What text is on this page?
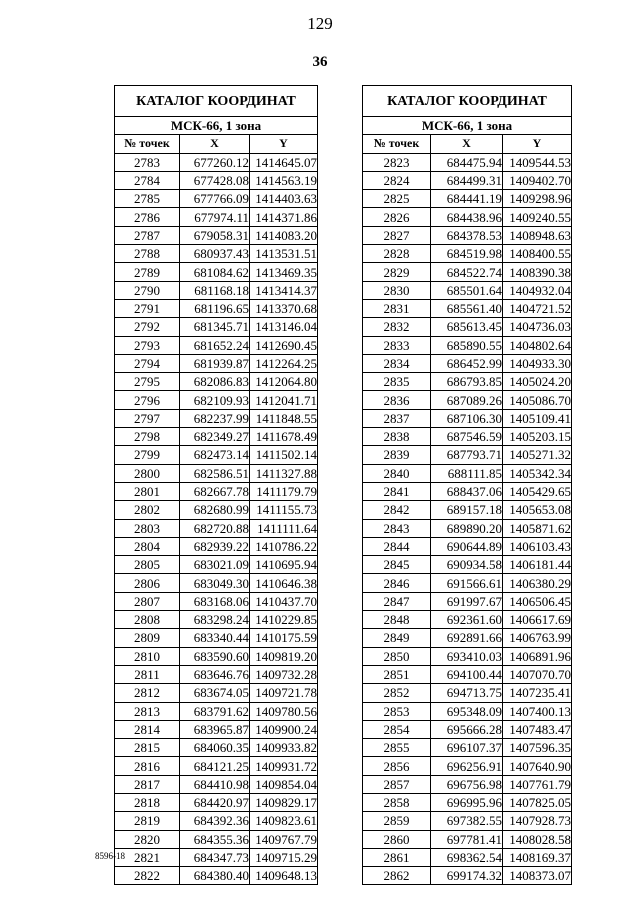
129
36
КАТАЛОГ КООРДИНАТ		
МСК-66, 1 зона		
№ точек	X	Y
2783	677260.12	1414645.07
2784	677428.08	1414563.19
2785	677766.09	1414403.63
2786	677974.11	1414371.86
2787	679058.31	1414083.20
2788	680937.43	1413531.51
2789	681084.62	1413469.35
2790	681168.18	1413414.37
2791	681196.65	1413370.68
2792	681345.71	1413146.04
2793	681652.24	1412690.45
2794	681939.87	1412264.25
2795	682086.83	1412064.80
2796	682109.93	1412041.71
2797	682237.99	1411848.55
2798	682349.27	1411678.49
2799	682473.14	1411502.14
2800	682586.51	1411327.88
2801	682667.78	1411179.79
2802	682680.99	1411155.73
2803	682720.88	1411111.64
2804	682939.22	1410786.22
2805	683021.09	1410695.94
2806	683049.30	1410646.38
2807	683168.06	1410437.70
2808	683298.24	1410229.85
2809	683340.44	1410175.59
2810	683590.60	1409819.20
2811	683646.76	1409732.28
2812	683674.05	1409721.78
2813	683791.62	1409780.56
2814	683965.87	1409900.24
2815	684060.35	1409933.82
2816	684121.25	1409931.72
2817	684410.98	1409854.04
2818	684420.97	1409829.17
2819	684392.36	1409823.61
2820	684355.36	1409767.79
2821	684347.73	1409715.29
2822	684380.40	1409648.13
КАТАЛОГ КООРДИНАТ		
МСК-66, 1 зона		
№ точек	X	Y
2823	684475.94	1409544.53
2824	684499.31	1409402.70
2825	684441.19	1409298.96
2826	684438.96	1409240.55
2827	684378.53	1408948.63
2828	684519.98	1408400.55
2829	684522.74	1408390.38
2830	685501.64	1404932.04
2831	685561.40	1404721.52
2832	685613.45	1404736.03
2833	685890.55	1404802.64
2834	686452.99	1404933.30
2835	686793.85	1405024.20
2836	687089.26	1405086.70
2837	687106.30	1405109.41
2838	687546.59	1405203.15
2839	687793.71	1405271.32
2840	688111.85	1405342.34
2841	688437.06	1405429.65
2842	689157.18	1405653.08
2843	689890.20	1405871.62
2844	690644.89	1406103.43
2845	690934.58	1406181.44
2846	691566.61	1406380.29
2847	691997.67	1406506.45
2848	692361.60	1406617.69
2849	692891.66	1406763.99
2850	693410.03	1406891.96
2851	694100.44	1407070.70
2852	694713.75	1407235.41
2853	695348.09	1407400.13
2854	695666.28	1407483.47
2855	696107.37	1407596.35
2856	696256.91	1407640.90
2857	696756.98	1407761.79
2858	696995.96	1407825.05
2859	697382.55	1407928.73
2860	697781.41	1408028.58
2861	698362.54	1408169.37
2862	699174.32	1408373.07
8596-18
